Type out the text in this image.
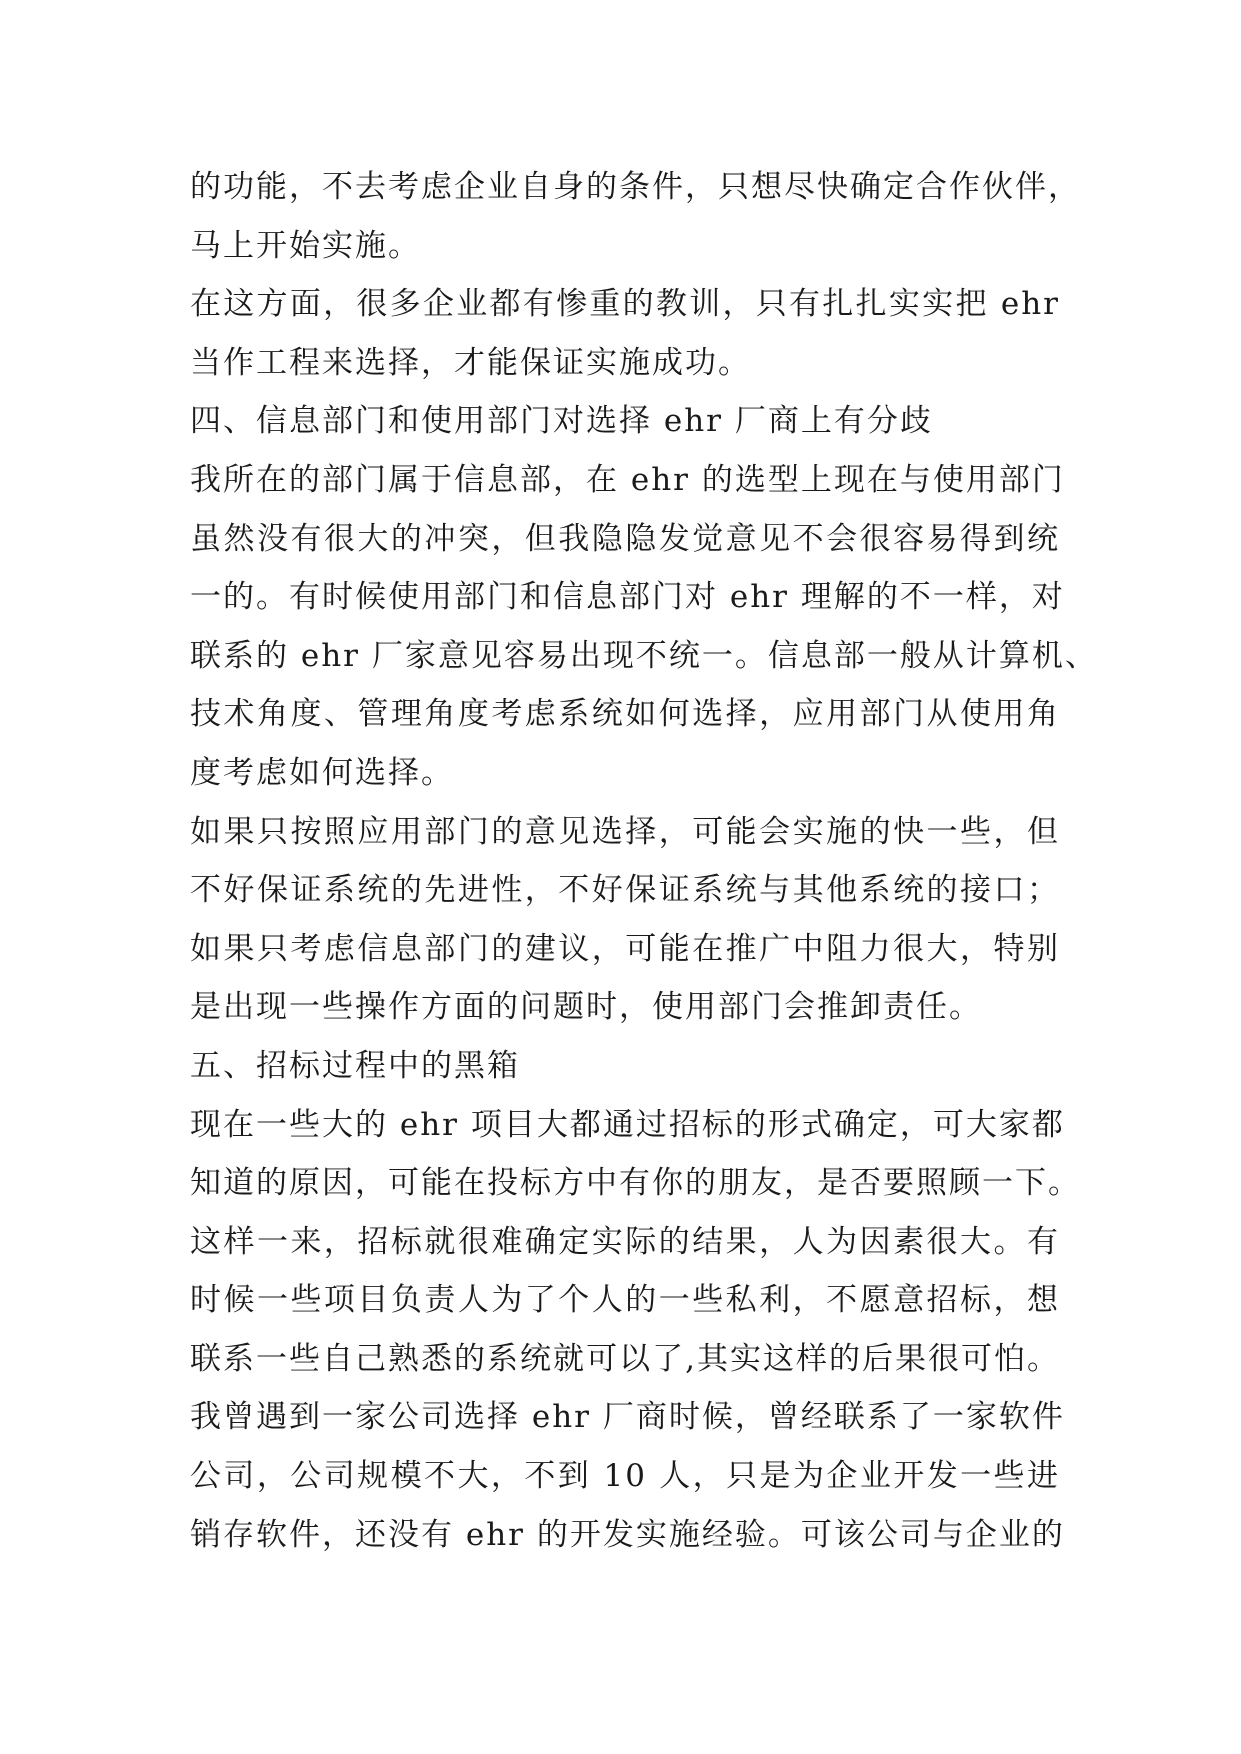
的功能，不去考虑企业自身的条件，只想尽快确定合作伙伴，
马上开始实施。
在这方面，很多企业都有惨重的教训，只有扎扎实实把 ehr
当作工程来选择，才能保证实施成功。
四、信息部门和使用部门对选择 ehr 厂商上有分歧
我所在的部门属于信息部，在 ehr 的选型上现在与使用部门
虽然没有很大的冲突，但我隐隐发觉意见不会很容易得到统
一的。有时候使用部门和信息部门对 ehr 理解的不一样，对
联系的 ehr 厂家意见容易出现不统一。信息部一般从计算机、
技术角度、管理角度考虑系统如何选择，应用部门从使用角
度考虑如何选择。
如果只按照应用部门的意见选择，可能会实施的快一些，但
不好保证系统的先进性，不好保证系统与其他系统的接口；
如果只考虑信息部门的建议，可能在推广中阻力很大，特别
是出现一些操作方面的问题时，使用部门会推卸责任。
五、招标过程中的黑箱
现在一些大的 ehr 项目大都通过招标的形式确定，可大家都
知道的原因，可能在投标方中有你的朋友，是否要照顾一下。
这样一来，招标就很难确定实际的结果，人为因素很大。有
时候一些项目负责人为了个人的一些私利，不愿意招标，想
联系一些自己熟悉的系统就可以了,其实这样的后果很可怕。
我曾遇到一家公司选择 ehr 厂商时候，曾经联系了一家软件
公司，公司规模不大，不到 10 人，只是为企业开发一些进
销存软件，还没有 ehr 的开发实施经验。可该公司与企业的
